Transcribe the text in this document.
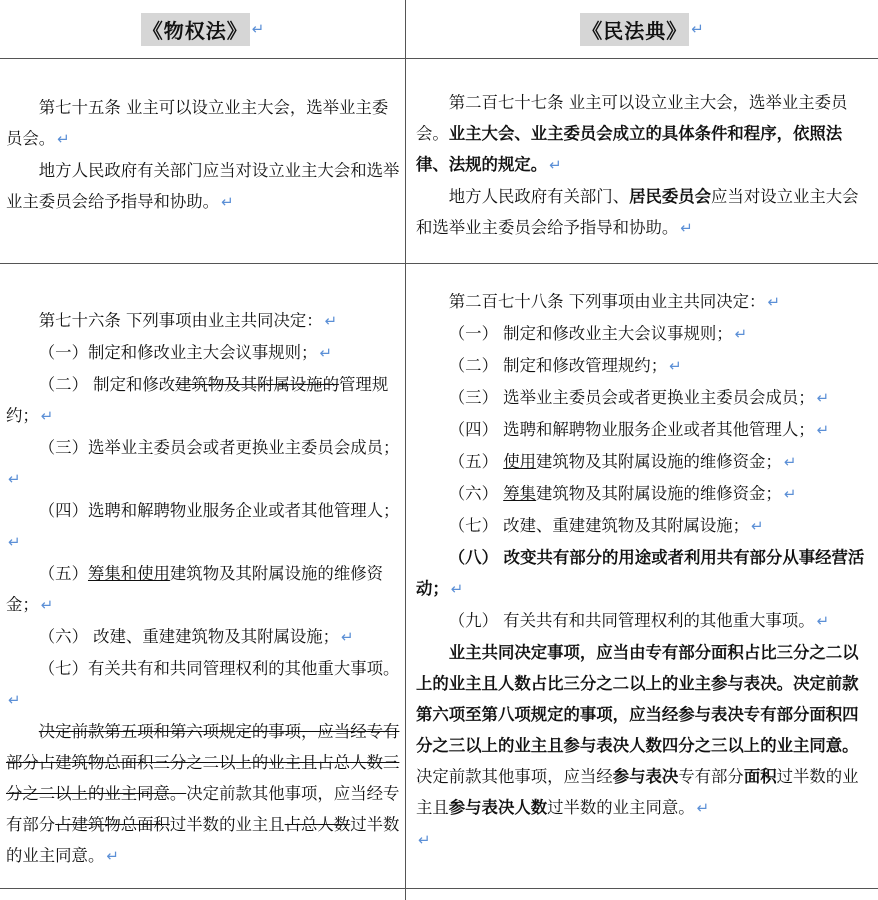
《物权法》 ↵	《民法典》 ↵

第七十五条 业主可以设立业主大会，选举业主委员会。 ↵

地方人民政府有关部门应当对设立业主大会和选举业主委员会给予指导和协助。 ↵

第二百七十七条 业主可以设立业主大会，选举业主委员会。业主大会、业主委员会成立的具体条件和程序，依照法律、法规的规定。 ↵

地方人民政府有关部门、居民委员会应当对设立业主大会和选举业主委员会给予指导和协助。 ↵

第七十六条 下列事项由业主共同决定： ↵

（一）制定和修改业主大会议事规则； ↵

（二） 制定和修改建筑物及其附属设施的管理规约； ↵

（三）选举业主委员会或者更换业主委员会成员；↵

（四）选聘和解聘物业服务企业或者其他管理人；↵

（五）筹集和使用建筑物及其附属设施的维修资金； ↵

（六） 改建、重建建筑物及其附属设施； ↵

（七）有关共有和共同管理权利的其他重大事项。↵

决定前款第五项和第六项规定的事项，应当经专有部分占建筑物总面积三分之二以上的业主且占总人数三分之二以上的业主同意。决定前款其他事项，应当经专有部分占建筑物总面积过半数的业主且占总人数过半数的业主同意。 ↵

第二百七十八条 下列事项由业主共同决定： ↵

（一） 制定和修改业主大会议事规则； ↵

（二） 制定和修改管理规约； ↵

（三） 选举业主委员会或者更换业主委员会成员； ↵

（四） 选聘和解聘物业服务企业或者其他管理人； ↵

（五） 使用建筑物及其附属设施的维修资金； ↵

（六） 筹集建筑物及其附属设施的维修资金； ↵

（七） 改建、重建建筑物及其附属设施； ↵

（八） 改变共有部分的用途或者利用共有部分从事经营活动； ↵

（九） 有关共有和共同管理权利的其他重大事项。 ↵

业主共同决定事项，应当由专有部分面积占比三分之二以上的业主且人数占比三分之二以上的业主参与表决。决定前款第六项至第八项规定的事项，应当经参与表决专有部分面积四分之三以上的业主且参与表决人数四分之三以上的业主同意。决定前款其他事项，应当经参与表决专有部分面积过半数的业主且参与表决人数过半数的业主同意。 ↵

↵
